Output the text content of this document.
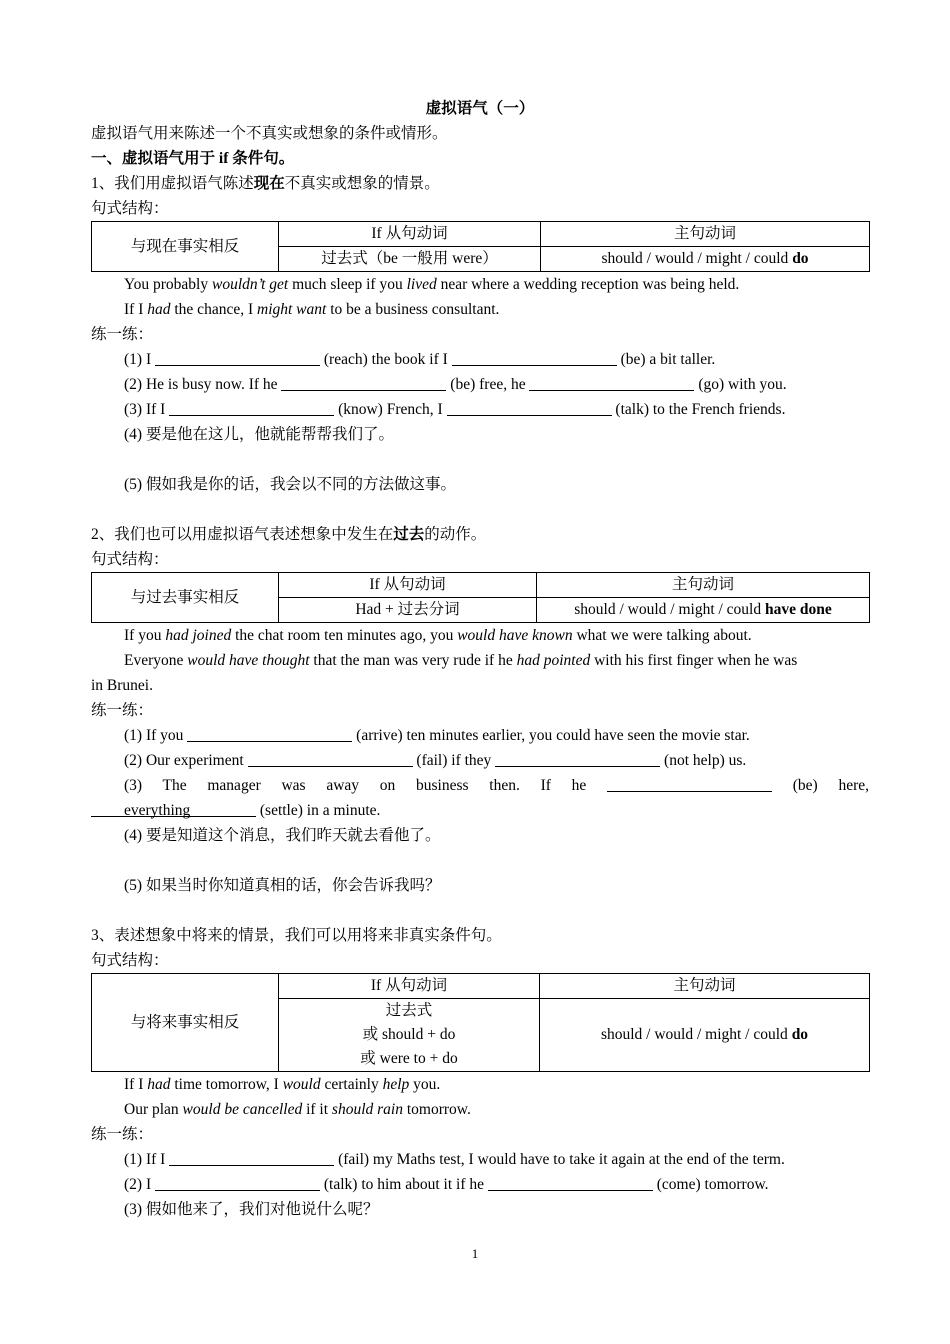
虚拟语气（一）
虚拟语气用来陈述一个不真实或想象的条件或情形。
一、虚拟语气用于 if 条件句。
1、我们用虚拟语气陈述现在不真实或想象的情景。
句式结构：
与现在事实相反	If 从句动词	主句动词
	过去式（be 一般用 were）	should / would / might / could do
You probably wouldn’t get much sleep if you lived near where a wedding reception was being held.
If I had the chance, I might want to be a business consultant.
练一练：
(1) I	(reach) the book if I	(be) a bit taller.
(2) He is busy now. If he	(be) free, he	(go) with you.
(3) If I	(know) French, I	(talk) to the French friends.
(4) 要是他在这儿，他就能帮帮我们了。
(5) 假如我是你的话，我会以不同的方法做这事。
2、我们也可以用虚拟语气表述想象中发生在过去的动作。
句式结构：
与过去事实相反	If 从句动词	主句动词
	Had + 过去分词	should / would / might / could have done
If you had joined the chat room ten minutes ago, you would have known what we were talking about.
Everyone would have thought that the man was very rude if he had pointed with his first finger when he was
in Brunei.
练一练：
(1) If you	(arrive) ten minutes earlier, you could have seen the movie star.
(2) Our experiment	(fail) if they	(not help) us.
(3) The manager was away on business then. If he	(be) here, everything	(settle) in a minute.
(4) 要是知道这个消息，我们昨天就去看他了。
(5) 如果当时你知道真相的话，你会告诉我吗？
3、表述想象中将来的情景，我们可以用将来非真实条件句。
句式结构：
与将来事实相反	If 从句动词	主句动词
	过去式	should / would / might / could do
	或 should + do	
	或 were to + do	
If I had time tomorrow, I would certainly help you.
Our plan would be cancelled if it should rain tomorrow.
练一练：
(1) If I	(fail) my Maths test, I would have to take it again at the end of the term.
(2) I	(talk) to him about it if he	(come) tomorrow.
(3) 假如他来了，我们对他说什么呢？
1
